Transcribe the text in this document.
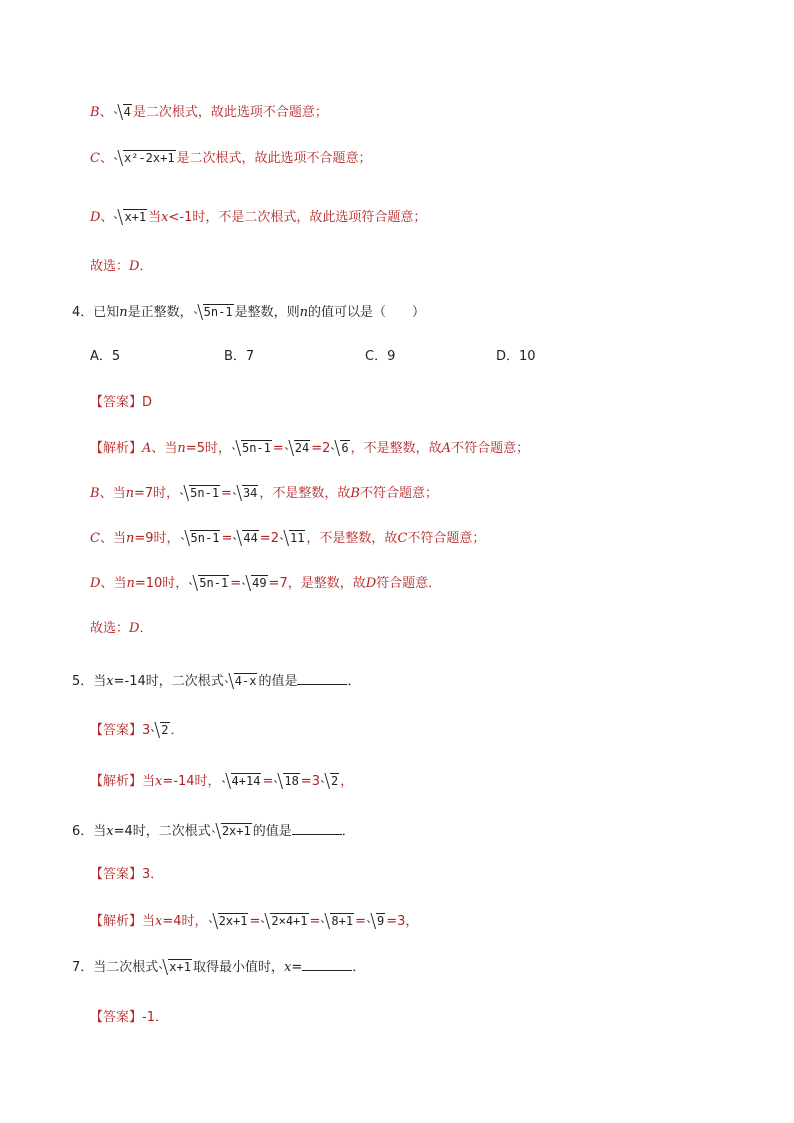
B、 4 是二次根式，故此选项不合题意；
C、 x²-2x+1 是二次根式，故此选项不合题意；
D、 x+1 当x<-1时，不是二次根式，故此选项符合题意；
故选：D．
4．已知n是正整数， 5n-1 是整数，则n的值可以是（　　）
A．5	B．7	C．9	D．10
【答案】D
【解析】A、当n=5时， 5n-1 = 24 =2 6 ，不是整数，故A不符合题意；
B、当n=7时， 5n-1 = 34 ，不是整数，故B不符合题意；
C、当n=9时， 5n-1 = 44 =2 11 ，不是整数，故C不符合题意；
D、当n=10时， 5n-1 = 49 =7，是整数，故D符合题意．
故选：D．
5．当x=-14时，二次根式 4-x 的值是	．
【答案】3 2 ．
【解析】当x=-14时， 4+14 = 18 =3 2 ，
6．当x=4时，二次根式 2x+1 的值是	．
【答案】3．
【解析】当x=4时， 2x+1 = 2×4+1 = 8+1 = 9 =3，
7．当二次根式 x+1 取得最小值时，x=	．
【答案】-1．
